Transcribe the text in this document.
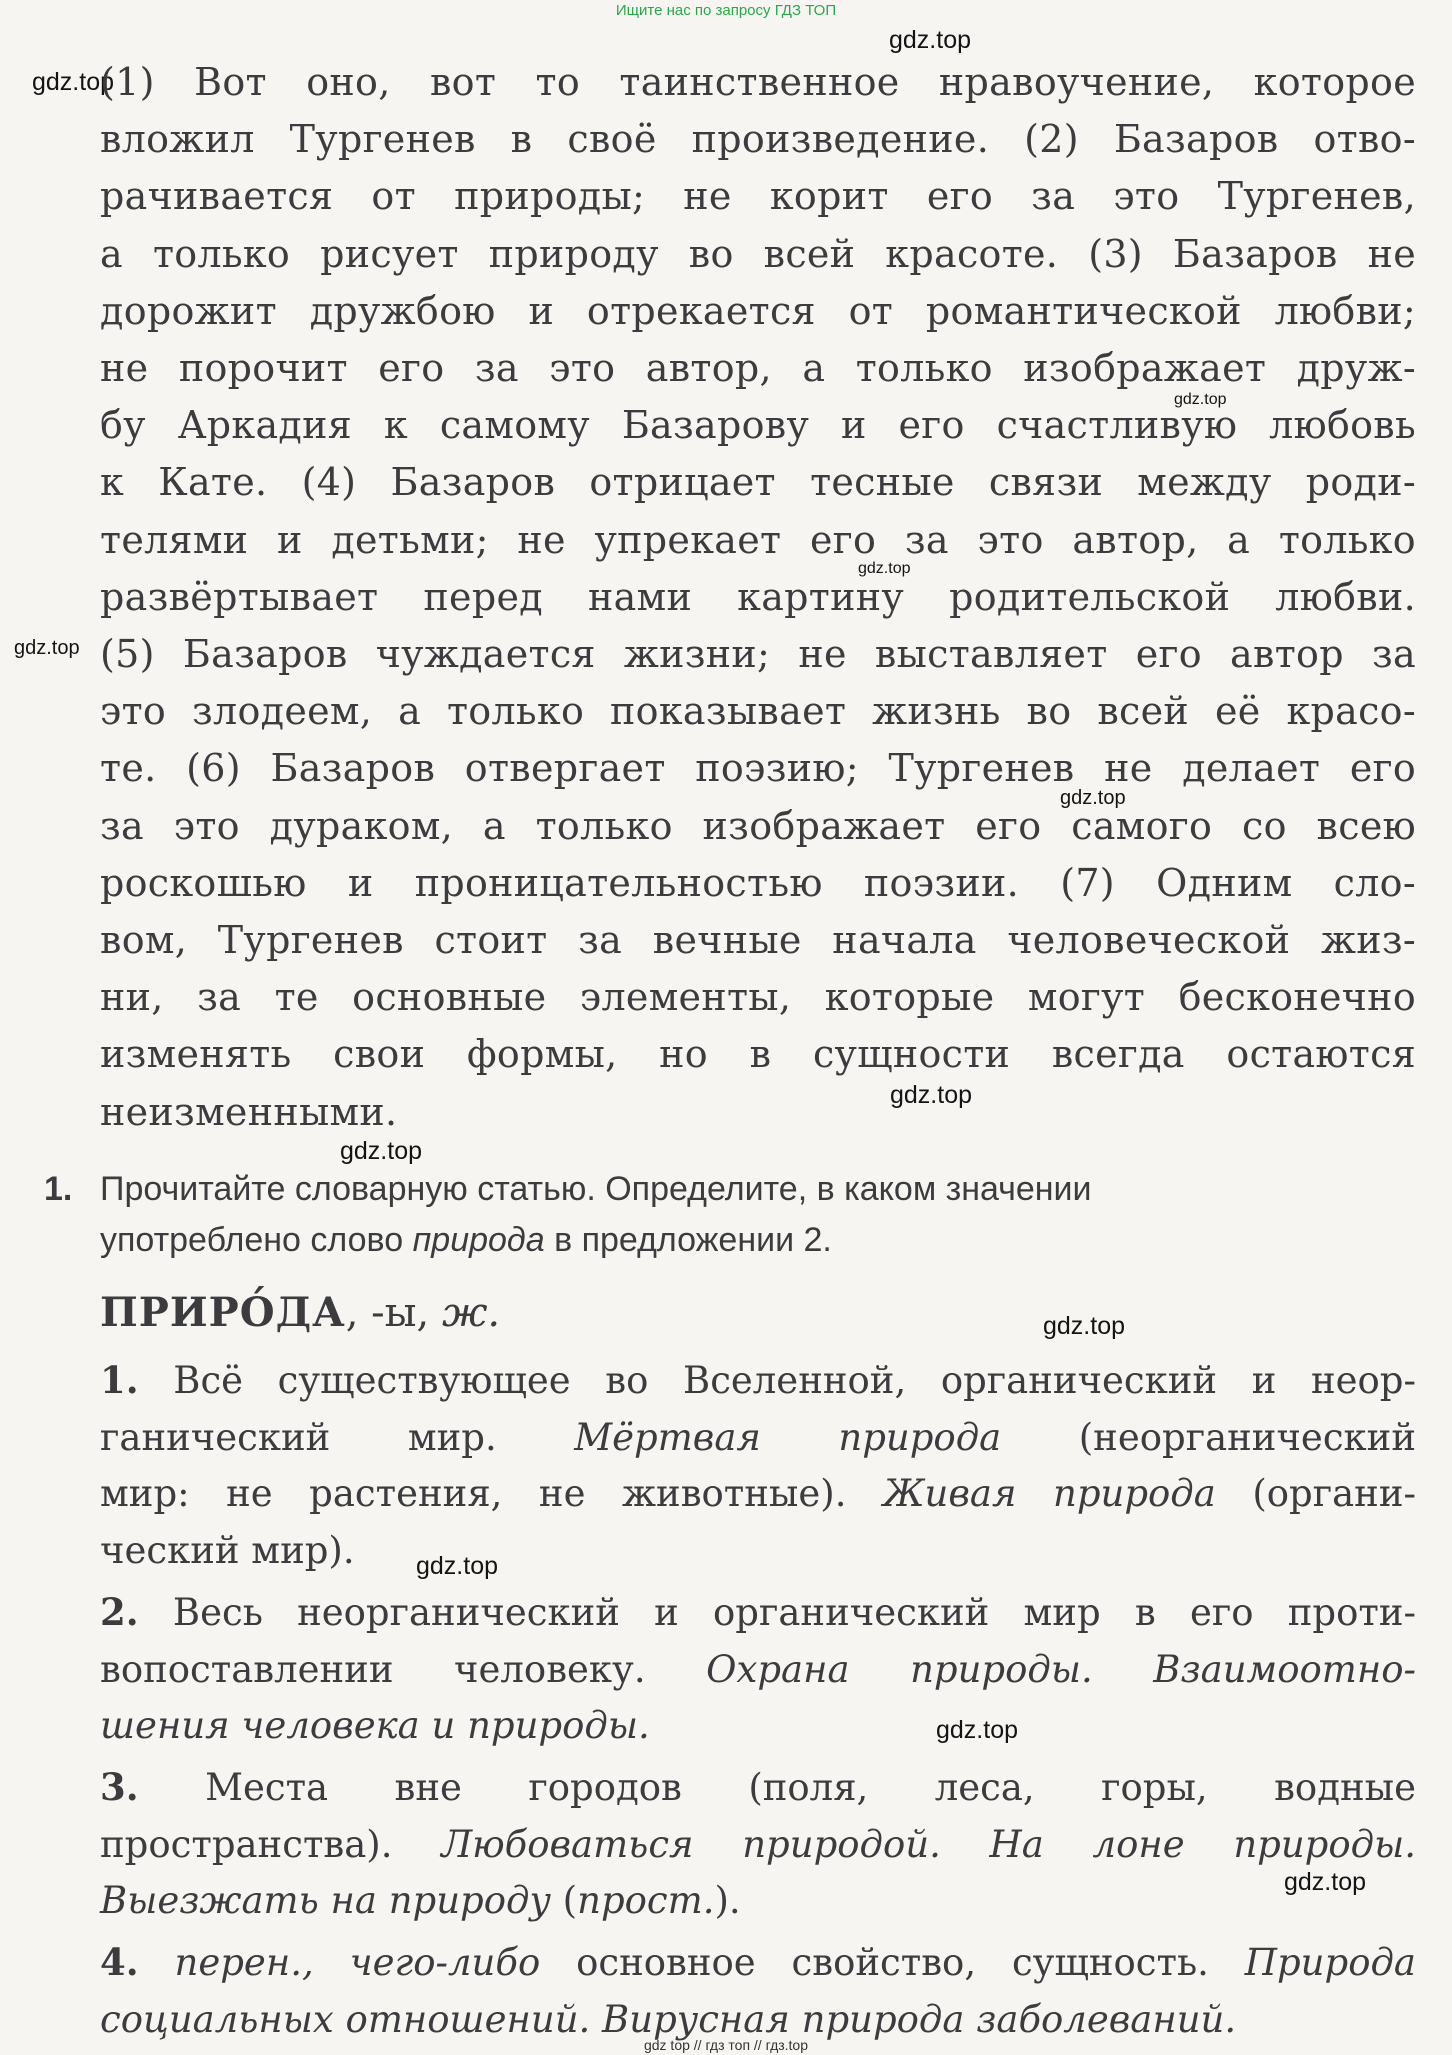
Ищите нас по запросу ГДЗ ТОП
gdz.top
gdz.top
gdz.top
gdz.top
gdz.top
gdz.top
gdz.top
gdz.top
gdz.top
gdz.top
gdz.top
gdz.top
(1) Вот оно, вот то таинственное нравоучение, которое
вложил Тургенев в своё произведение. (2) Базаров отво-
рачивается от природы; не корит его за это Тургенев,
а только рисует природу во всей красоте. (3) Базаров не
дорожит дружбою и отрекается от романтической любви;
не порочит его за это автор, а только изображает друж-
бу Аркадия к самому Базарову и его счастливую любовь
к Кате. (4) Базаров отрицает тесные связи между роди-
телями и детьми; не упрекает его за это автор, а только
развёртывает перед нами картину родительской любви.
(5) Базаров чуждается жизни; не выставляет его автор за
это злодеем, а только показывает жизнь во всей её красо-
те. (6) Базаров отвергает поэзию; Тургенев не делает его
за это дураком, а только изображает его самого со всею
роскошью и проницательностью поэзии. (7) Одним сло-
вом, Тургенев стоит за вечные начала человеческой жиз-
ни, за те основные элементы, которые могут бесконечно
изменять свои формы, но в сущности всегда остаются
неизменными.
1. Прочитайте словарную статью. Определите, в каком значении
употреблено слово природа в предложении 2.
ПРИРО́ДА, -ы, ж.
1. Всё существующее во Вселенной, органический и неор-
ганический мир. Мёртвая природа (неорганический
мир: не растения, не животные). Живая природа (органи-
ческий мир).
2. Весь неорганический и органический мир в его проти-
вопоставлении человеку. Охрана природы. Взаимоотно-
шения человека и природы.
3. Места вне городов (поля, леса, горы, водные
пространства). Любоваться природой. На лоне природы.
Выезжать на природу (прост.).
4. перен., чего-либо основное свойство, сущность. Природа
социальных отношений. Вирусная природа заболеваний.
gdz top // гдз топ // гдз.top
